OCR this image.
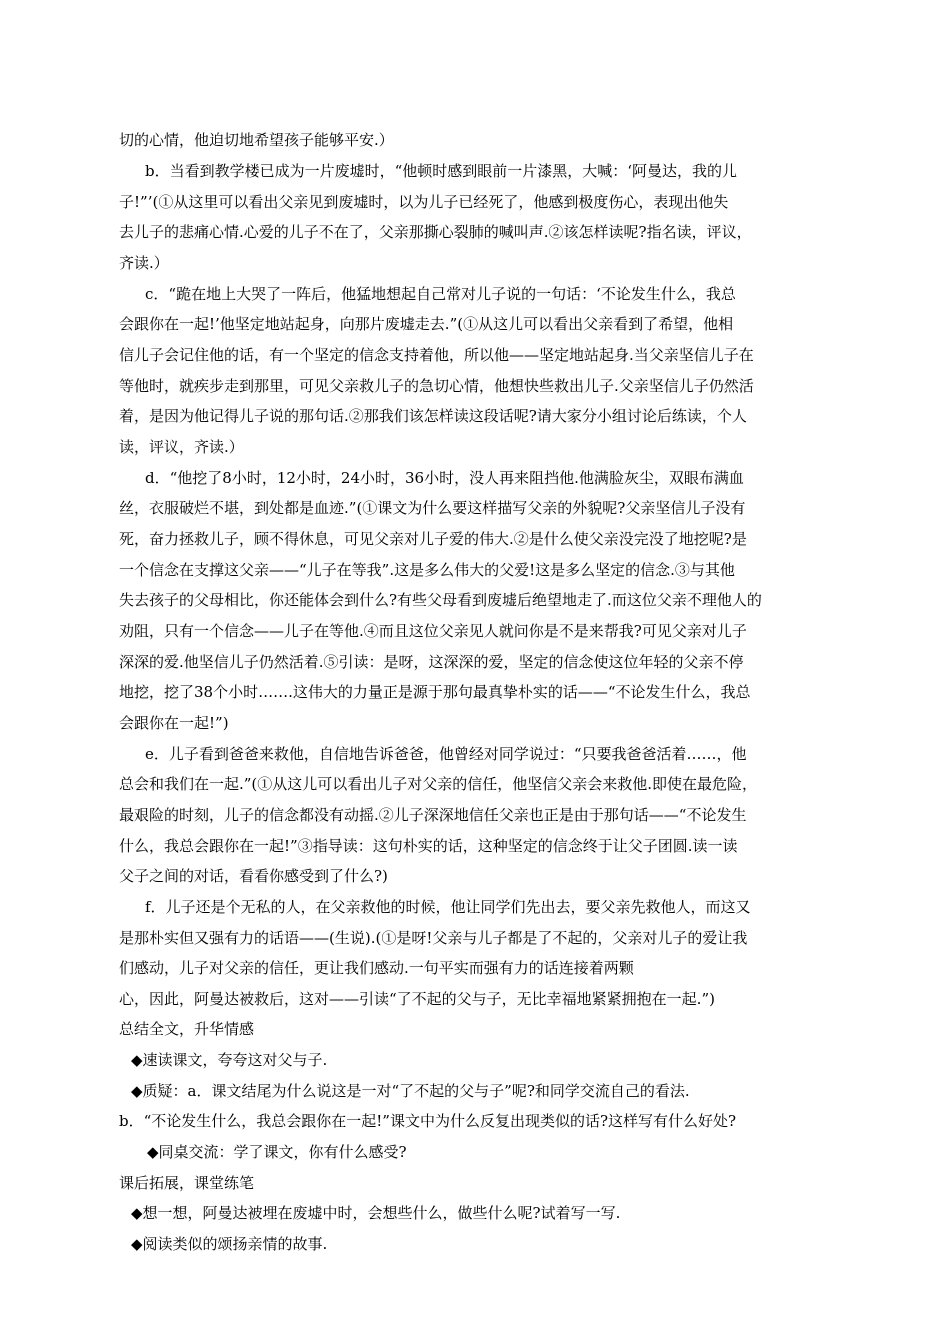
切的心情，他迫切地希望孩子能够平安.）
b．当看到教学楼已成为一片废墟时，“他顿时感到眼前一片漆黑，大喊：‘阿曼达，我的儿
子!”’(①从这里可以看出父亲见到废墟时，以为儿子已经死了，他感到极度伤心，表现出他失
去儿子的悲痛心情.心爱的儿子不在了，父亲那撕心裂肺的喊叫声.②该怎样读呢?指名读，评议，
齐读.）
c．“跪在地上大哭了一阵后，他猛地想起自己常对儿子说的一句话：‘不论发生什么，我总
会跟你在一起!’他坚定地站起身，向那片废墟走去.”(①从这儿可以看出父亲看到了希望，他相
信儿子会记住他的话，有一个坚定的信念支持着他，所以他——坚定地站起身.当父亲坚信儿子在
等他时，就疾步走到那里，可见父亲救儿子的急切心情，他想快些救出儿子.父亲坚信儿子仍然活
着，是因为他记得儿子说的那句话.②那我们该怎样读这段话呢?请大家分小组讨论后练读，个人
读，评议，齐读.）
d．“他挖了8小时，12小时，24小时，36小时，没人再来阻挡他.他满脸灰尘，双眼布满血
丝，衣服破烂不堪，到处都是血迹.”(①课文为什么要这样描写父亲的外貌呢?父亲坚信儿子没有
死，奋力拯救儿子，顾不得休息，可见父亲对儿子爱的伟大.②是什么使父亲没完没了地挖呢?是
一个信念在支撑这父亲——“儿子在等我”.这是多么伟大的父爱!这是多么坚定的信念.③与其他
失去孩子的父母相比，你还能体会到什么?有些父母看到废墟后绝望地走了.而这位父亲不理他人的
劝阻，只有一个信念——儿子在等他.④而且这位父亲见人就问你是不是来帮我?可见父亲对儿子
深深的爱.他坚信儿子仍然活着.⑤引读：是呀，这深深的爱，坚定的信念使这位年轻的父亲不停
地挖，挖了38个小时…….这伟大的力量正是源于那句最真挚朴实的话——“不论发生什么，我总
会跟你在一起!”)
e．儿子看到爸爸来救他，自信地告诉爸爸，他曾经对同学说过：“只要我爸爸活着……，他
总会和我们在一起.”(①从这儿可以看出儿子对父亲的信任，他坚信父亲会来救他.即使在最危险，
最艰险的时刻，儿子的信念都没有动摇.②儿子深深地信任父亲也正是由于那句话——“不论发生
什么，我总会跟你在一起!”③指导读：这句朴实的话，这种坚定的信念终于让父子团圆.读一读
父子之间的对话，看看你感受到了什么?)
f．儿子还是个无私的人，在父亲救他的时候，他让同学们先出去，要父亲先救他人，而这又
是那朴实但又强有力的话语——(生说).(①是呀!父亲与儿子都是了不起的，父亲对儿子的爱让我
们感动，儿子对父亲的信任，更让我们感动.一句平实而强有力的话连接着两颗
心，因此，阿曼达被救后，这对——引读“了不起的父与子，无比幸福地紧紧拥抱在一起.”)
总结全文，升华情感
◆速读课文，夸夸这对父与子.
◆质疑：a．课文结尾为什么说这是一对“了不起的父与子”呢?和同学交流自己的看法.
b．“不论发生什么，我总会跟你在一起!”课文中为什么反复出现类似的话?这样写有什么好处?
◆同桌交流：学了课文，你有什么感受?
课后拓展，课堂练笔
◆想一想，阿曼达被埋在废墟中时，会想些什么，做些什么呢?试着写一写.
◆阅读类似的颂扬亲情的故事.
